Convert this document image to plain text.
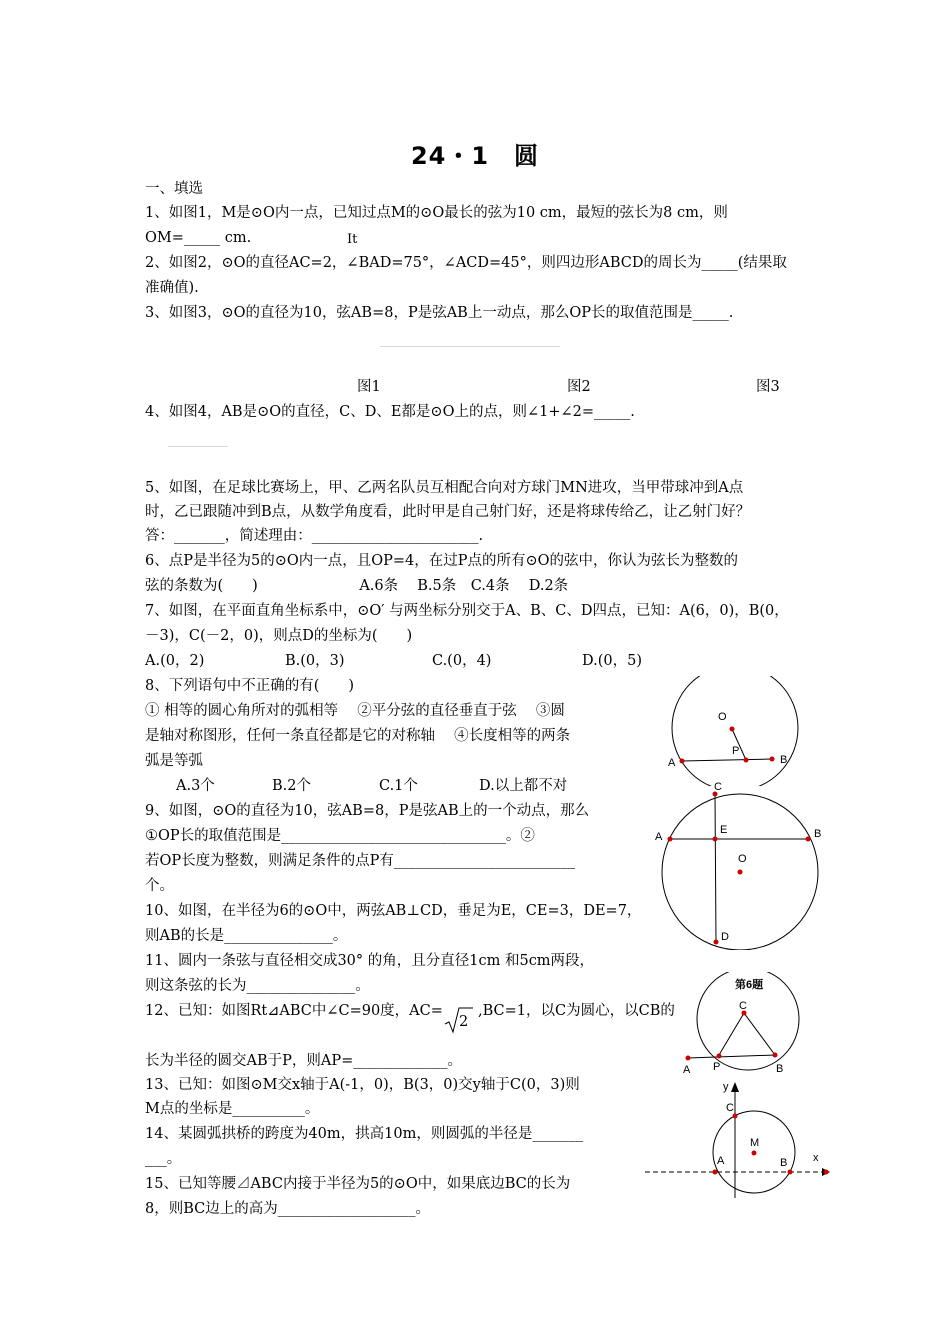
24・1　圆
一、填选
1、如图1，M是⊙O内一点，已知过点M的⊙O最长的弦为10 cm，最短的弦长为8 cm，则
OM=_____ cm.	It
2、如图2，⊙O的直径AC=2，∠BAD=75°，∠ACD=45°，则四边形ABCD的周长为_____(结果取
准确值).
3、如图3，⊙O的直径为10，弦AB=8，P是弦AB上一动点，那么OP长的取值范围是_____.
图1	图2	图3
4、如图4，AB是⊙O的直径，C、D、E都是⊙O上的点，则∠1+∠2=_____.
5、如图，在足球比赛场上，甲、乙两名队员互相配合向对方球门MN进攻，当甲带球冲到A点
时，乙已跟随冲到B点，从数学角度看，此时甲是自己射门好，还是将球传给乙，让乙射门好？
答：_______，简述理由：_______________________.
6、点P是半径为5的⊙O内一点，且OP=4，在过P点的所有⊙O的弦中，你认为弦长为整数的
弦的条数为(　　)　　　　　　　A.6条　 B.5条　C.4条　 D.2条
7、如图，在平面直角坐标系中，⊙O′ 与两坐标分别交于A、B、C、D四点，已知：A(6，0)，B(0，
－3)，C(－2，0)，则点D的坐标为(　　)
A.(0，2)	B.(0，3)	C.(0，4)	D.(0，5)
8、下列语句中不正确的有(　　)
① 相等的圆心角所对的弧相等　 ②平分弦的直径垂直于弦　 ③圆
是轴对称图形，任何一条直径都是它的对称轴　 ④长度相等的两条
弧是等弧
A.3个	B.2个	C.1个	D.以上都不对
9、如图，⊙O的直径为10，弦AB=8，P是弦AB上的一个动点，那么
①OP长的取值范围是_______________________________。②
若OP长度为整数，则满足条件的点P有_________________________
个。
10、如图，在半径为6的⊙O中，两弦AB⊥CD，垂足为E，CE=3，DE=7，
则AB的长是_______________。
11、圆内一条弦与直径相交成30° 的角，且分直径1cm 和5cm两段，
则这条弦的长为_______________。
12、已知：如图Rt⊿ABC中∠C=90度，AC=
2
,BC=1，以C为圆心，以CB的
长为半径的圆交AB于P，则AP=_____________。
13、已知：如图⊙M交x轴于A(-1，0)，B(3，0)交y轴于C(0，3)则
M点的坐标是__________。
14、某圆弧拱桥的跨度为40m，拱高10m，则圆弧的半径是_______
___。
15、已知等腰⊿ABC内接于半径为5的⊙O中，如果底边BC的长为
8，则BC边上的高为___________________。
O
P
A	B
C
E
A	B
O
D
第6题
C
A P	B
y
x
C
M
A	B
